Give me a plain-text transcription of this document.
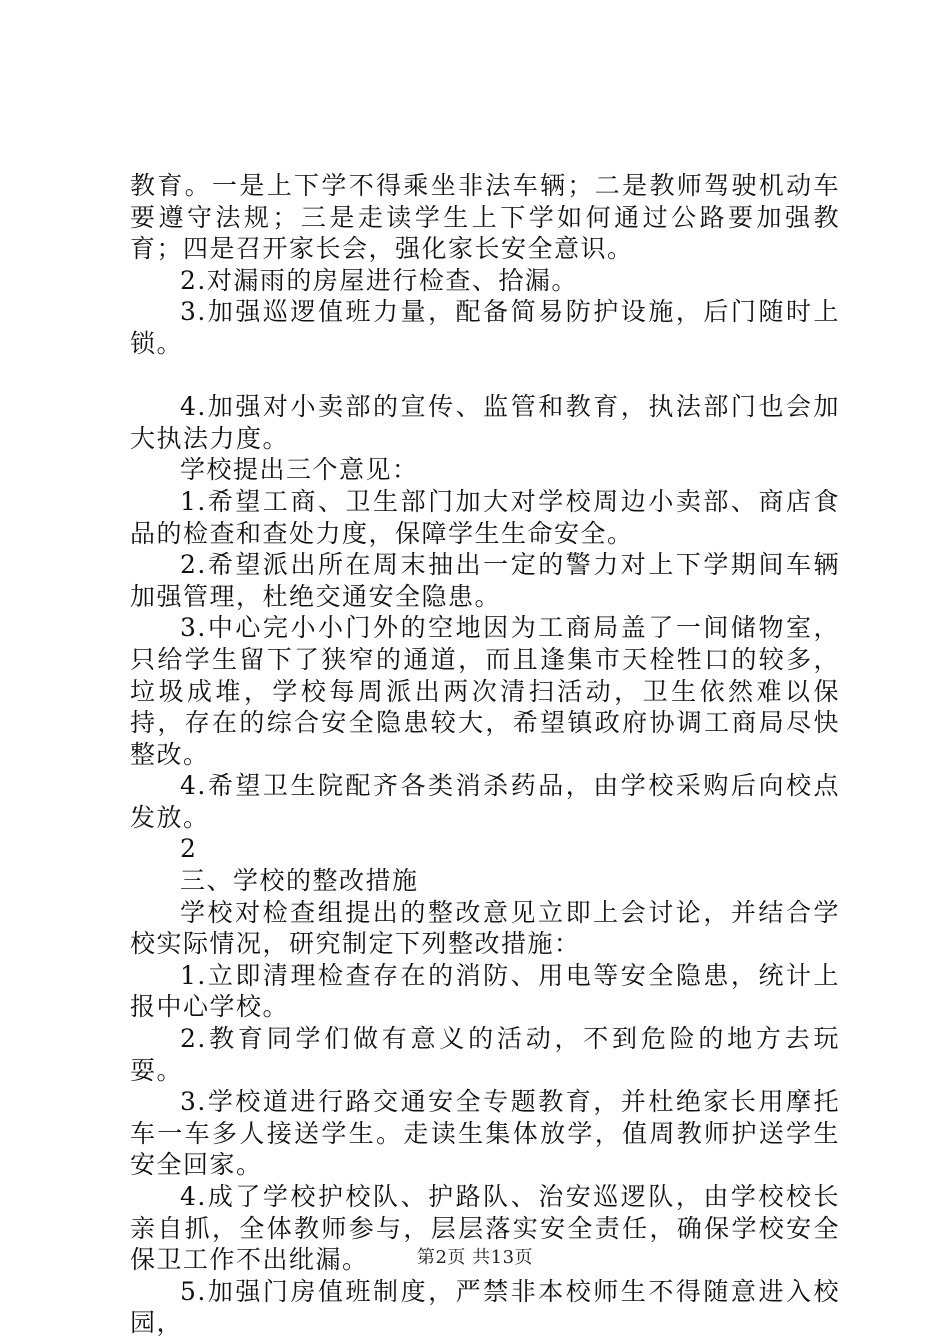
教育。一是上下学不得乘坐非法车辆；二是教师驾驶机动车要遵守法规；三是走读学生上下学如何通过公路要加强教育；四是召开家长会，强化家长安全意识。

2.对漏雨的房屋进行检查、拾漏。

3.加强巡逻值班力量，配备简易防护设施，后门随时上锁。

4.加强对小卖部的宣传、监管和教育，执法部门也会加大执法力度。

学校提出三个意见：

1.希望工商、卫生部门加大对学校周边小卖部、商店食品的检查和查处力度，保障学生生命安全。

2.希望派出所在周末抽出一定的警力对上下学期间车辆加强管理，杜绝交通安全隐患。

3.中心完小小门外的空地因为工商局盖了一间储物室，只给学生留下了狭窄的通道，而且逢集市天栓牲口的较多，垃圾成堆，学校每周派出两次清扫活动，卫生依然难以保持，存在的综合安全隐患较大，希望镇政府协调工商局尽快整改。

4.希望卫生院配齐各类消杀药品，由学校采购后向校点发放。

2

三、学校的整改措施

学校对检查组提出的整改意见立即上会讨论，并结合学校实际情况，研究制定下列整改措施：

1.立即清理检查存在的消防、用电等安全隐患，统计上报中心学校。

2.教育同学们做有意义的活动，不到危险的地方去玩耍。

3.学校道进行路交通安全专题教育，并杜绝家长用摩托车一车多人接送学生。走读生集体放学，值周教师护送学生安全回家。

4.成了学校护校队、护路队、治安巡逻队，由学校校长亲自抓，全体教师参与，层层落实安全责任，确保学校安全保卫工作不出纰漏。

5.加强门房值班制度，严禁非本校师生不得随意进入校园，

第2页 共13页
